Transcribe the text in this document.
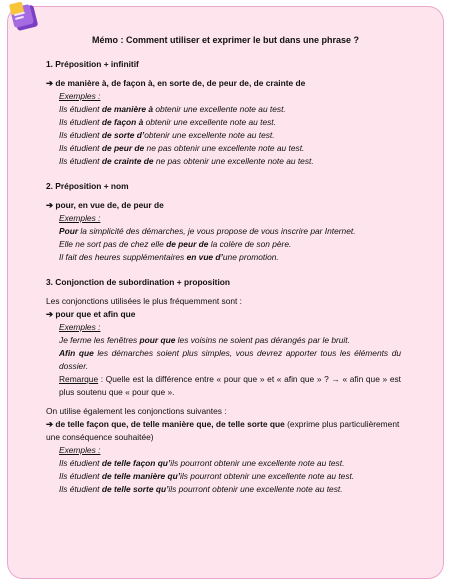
Mémo : Comment utiliser et exprimer le but dans une phrase ?
1. Préposition + infinitif
➔ de manière à, de façon à, en sorte de, de peur de, de crainte de
Exemples :
Ils étudient de manière à obtenir une excellente note au test.
Ils étudient de façon à obtenir une excellente note au test.
Ils étudient de sorte d’obtenir une excellente note au test.
Ils étudient de peur de ne pas obtenir une excellente note au test.
Ils étudient de crainte de ne pas obtenir une excellente note au test.
2. Préposition + nom
➔ pour, en vue de, de peur de
Exemples :
Pour la simplicité des démarches, je vous propose de vous inscrire par Internet.
Elle ne sort pas de chez elle de peur de la colère de son père.
Il fait des heures supplémentaires en vue d’une promotion.
3. Conjonction de subordination + proposition
Les conjonctions utilisées le plus fréquemment sont :
➔ pour que et afin que
Exemples :
Je ferme les fenêtres pour que les voisins ne soient pas dérangés par le bruit.
Afin que les démarches soient plus simples, vous devrez apporter tous les éléments du dossier.
Remarque : Quelle est la différence entre « pour que » et « afin que » ? → « afin que » est plus soutenu que « pour que ».
On utilise également les conjonctions suivantes :
➔ de telle façon que, de telle manière que, de telle sorte que (exprime plus particulièrement une conséquence souhaitée)
Exemples :
Ils étudient de telle façon qu’ils pourront obtenir une excellente note au test.
Ils étudient de telle manière qu’ils pourront obtenir une excellente note au test.
Ils étudient de telle sorte qu’ils pourront obtenir une excellente note au test.
